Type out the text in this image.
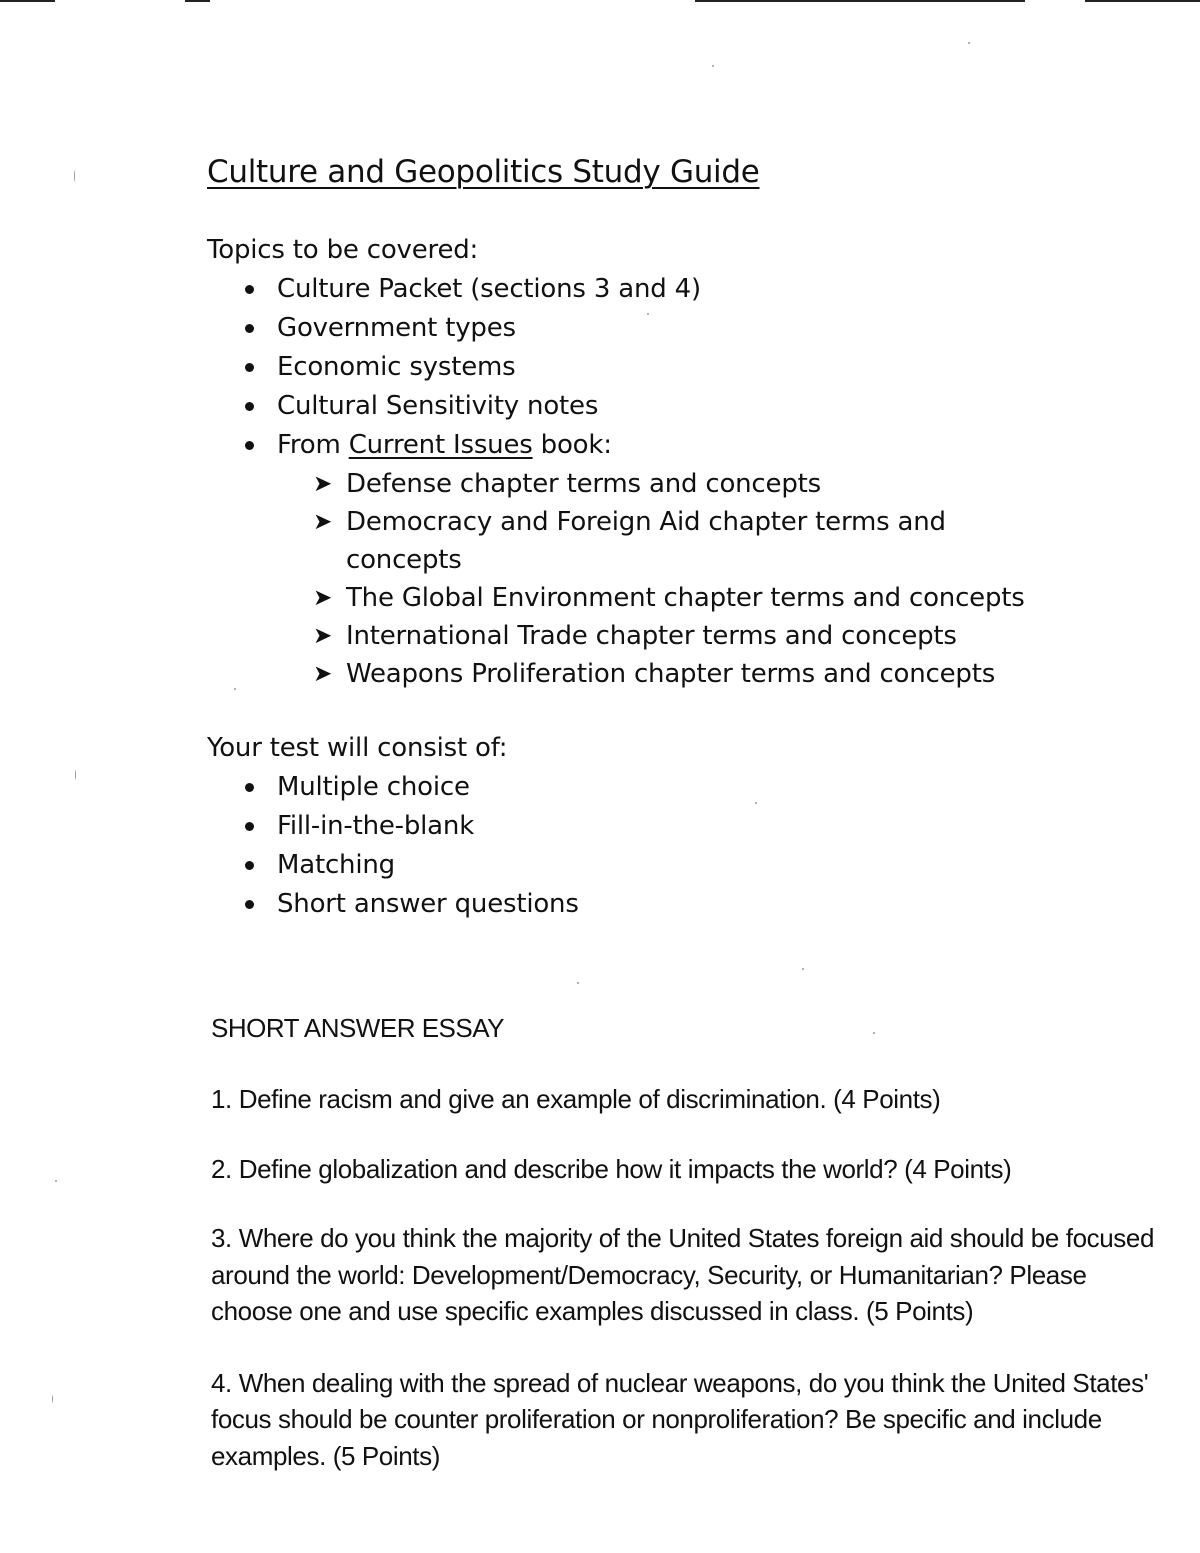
Culture and Geopolitics Study Guide

Topics to be covered:

Culture Packet (sections 3 and 4)
Government types
Economic systems
Cultural Sensitivity notes
From Current Issues book:
➤ Defense chapter terms and concepts
➤ Democracy and Foreign Aid chapter terms and concepts
➤ The Global Environment chapter terms and concepts
➤ International Trade chapter terms and concepts
➤ Weapons Proliferation chapter terms and concepts

Your test will consist of:

Multiple choice
Fill-in-the-blank
Matching
Short answer questions

SHORT ANSWER ESSAY

1. Define racism and give an example of discrimination. (4 Points)

2. Define globalization and describe how it impacts the world? (4 Points)

3. Where do you think the majority of the United States foreign aid should be focused around the world: Development/Democracy, Security, or Humanitarian? Please choose one and use specific examples discussed in class. (5 Points)

4. When dealing with the spread of nuclear weapons, do you think the United States' focus should be counter proliferation or nonproliferation? Be specific and include examples. (5 Points)
